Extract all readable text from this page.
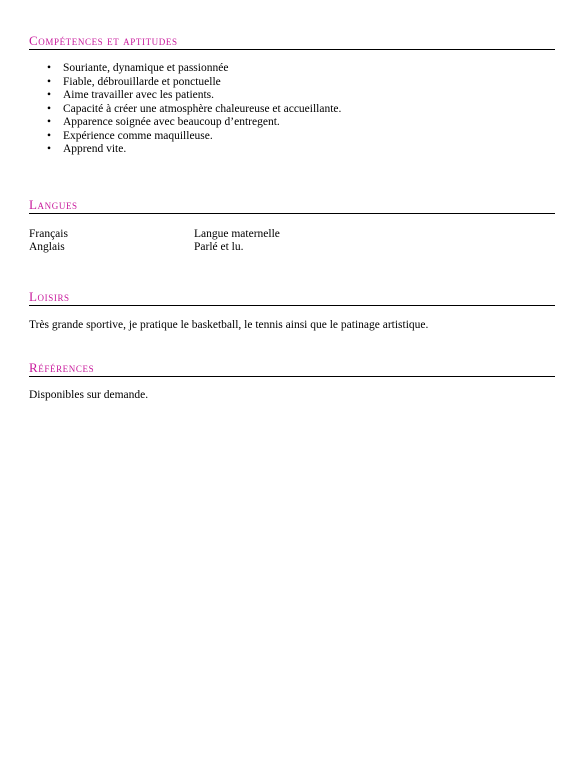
Compétences et aptitudes
• Souriante, dynamique et passionnée
• Fiable, débrouillarde et ponctuelle
• Aime travailler avec les patients.
• Capacité à créer une atmosphère chaleureuse et accueillante.
• Apparence soignée avec beaucoup d’entregent.
• Expérience comme maquilleuse.
• Apprend vite.
Langues
Français	Langue maternelle
Anglais	Parlé et lu.
Loisirs
Très grande sportive, je pratique le basketball, le tennis ainsi que le patinage artistique.
Références
Disponibles sur demande.
